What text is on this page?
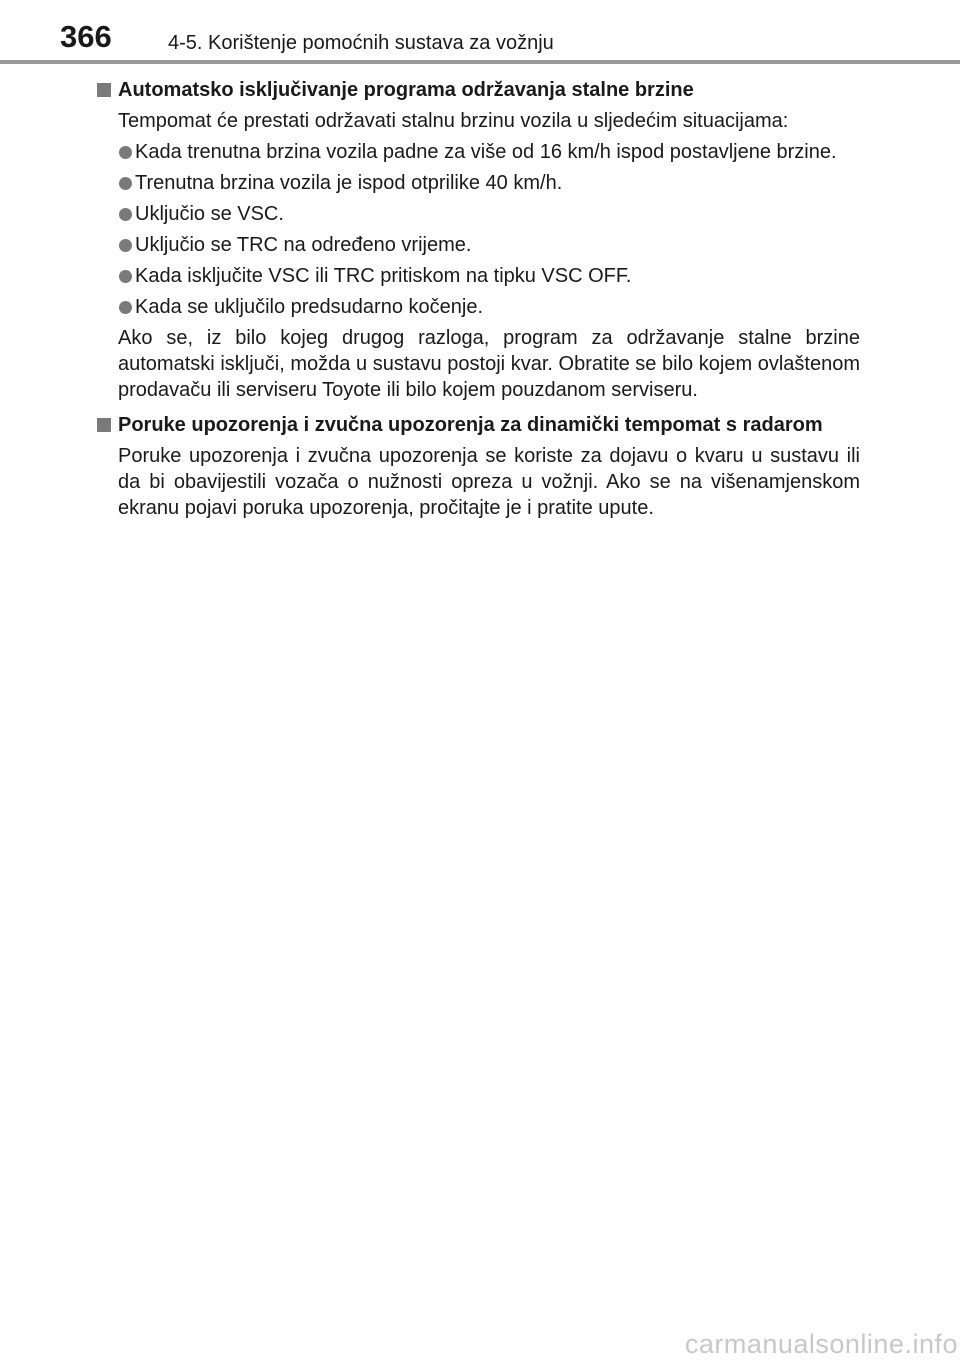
366	4-5. Korištenje pomoćnih sustava za vožnju
Automatsko isključivanje programa održavanja stalne brzine
Tempomat će prestati održavati stalnu brzinu vozila u sljedećim situacijama:
Kada trenutna brzina vozila padne za više od 16 km/h ispod postavljene brzine.
Trenutna brzina vozila je ispod otprilike 40 km/h.
Uključio se VSC.
Uključio se TRC na određeno vrijeme.
Kada isključite VSC ili TRC pritiskom na tipku VSC OFF.
Kada se uključilo predsudarno kočenje.
Ako se, iz bilo kojeg drugog razloga, program za održavanje stalne brzine automatski isključi, možda u sustavu postoji kvar. Obratite se bilo kojem ovlaštenom prodavaču ili serviseru Toyote ili bilo kojem pouzdanom serviseru.
Poruke upozorenja i zvučna upozorenja za dinamički tempomat s radarom
Poruke upozorenja i zvučna upozorenja se koriste za dojavu o kvaru u sustavu ili da bi obavijestili vozača o nužnosti opreza u vožnji. Ako se na višenamjenskom ekranu pojavi poruka upozorenja, pročitajte je i pratite upute.
carmanualsonline.info
